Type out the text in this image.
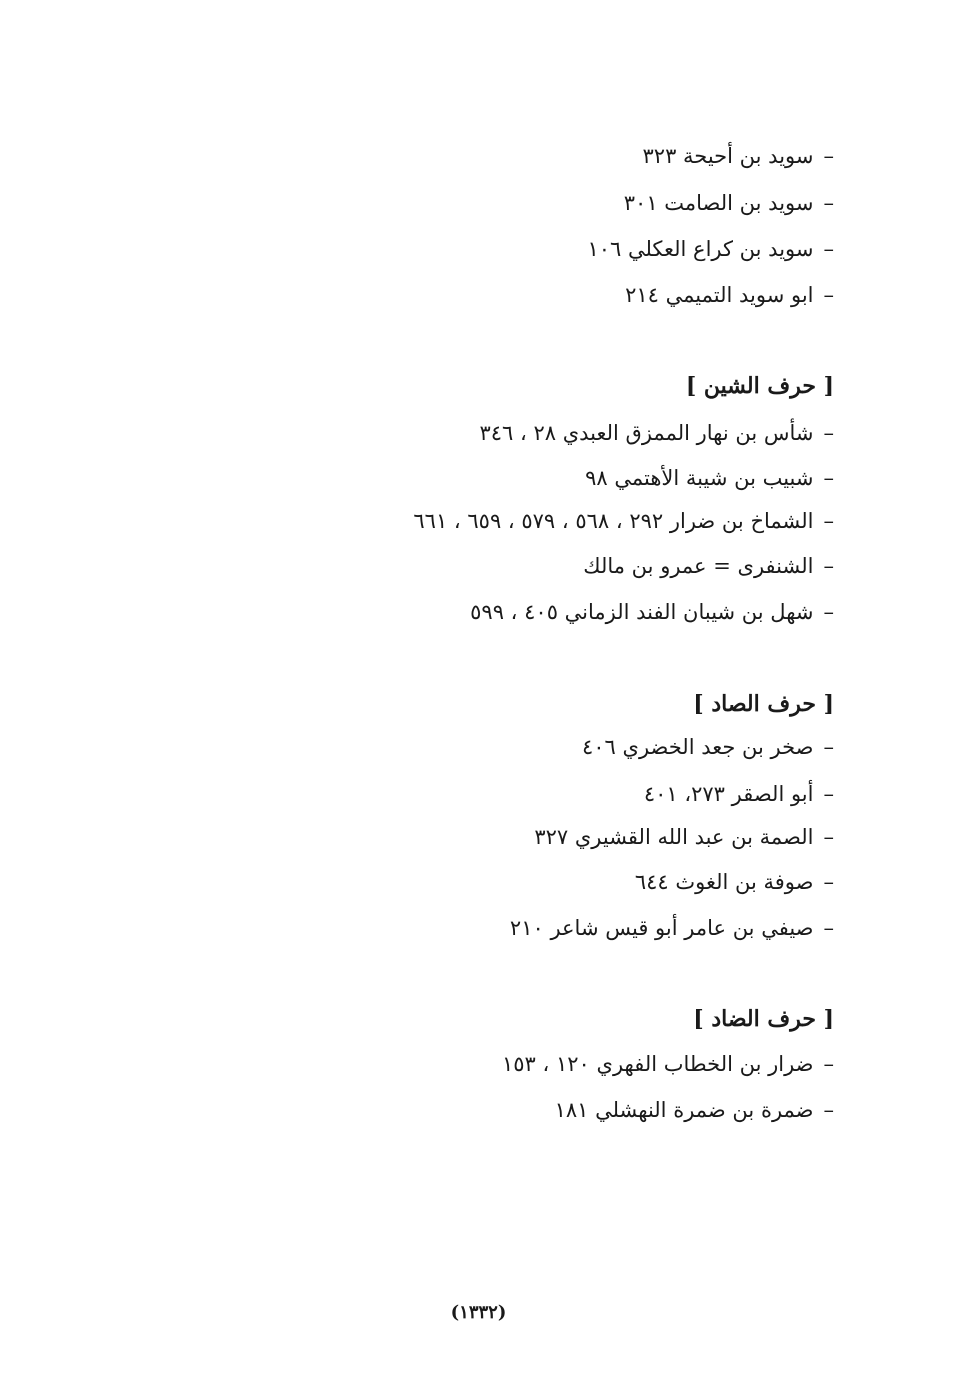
–سويد بن أحيحة ٣٢٣
–سويد بن الصامت ٣٠١
–سويد بن كراع العكلي ١٠٦
–ابو سويد التميمي ٢١٤
[ حرف الشين ]
–شأس بن نهار الممزق العبدي ٢٨ ، ٣٤٦
–شبيب بن شيبة الأهتمي ٩٨
–الشماخ بن ضرار ٢٩٢ ، ٥٦٨ ، ٥٧٩ ، ٦٥٩ ، ٦٦١
–الشنفرى = عمرو بن مالك
–شهل بن شيبان الفند الزماني ٤٠٥ ، ٥٩٩
[ حرف الصاد ]
–صخر بن جعد الخضري ٤٠٦
–أبو الصقر ٢٧٣، ٤٠١
–الصمة بن عبد الله القشيري ٣٢٧
–صوفة بن الغوث ٦٤٤
–صيفي بن عامر أبو قيس شاعر ٢١٠
[ حرف الضاد ]
–ضرار بن الخطاب الفهري ١٢٠ ، ١٥٣
–ضمرة بن ضمرة النهشلي ١٨١
(١٣٣٢)
